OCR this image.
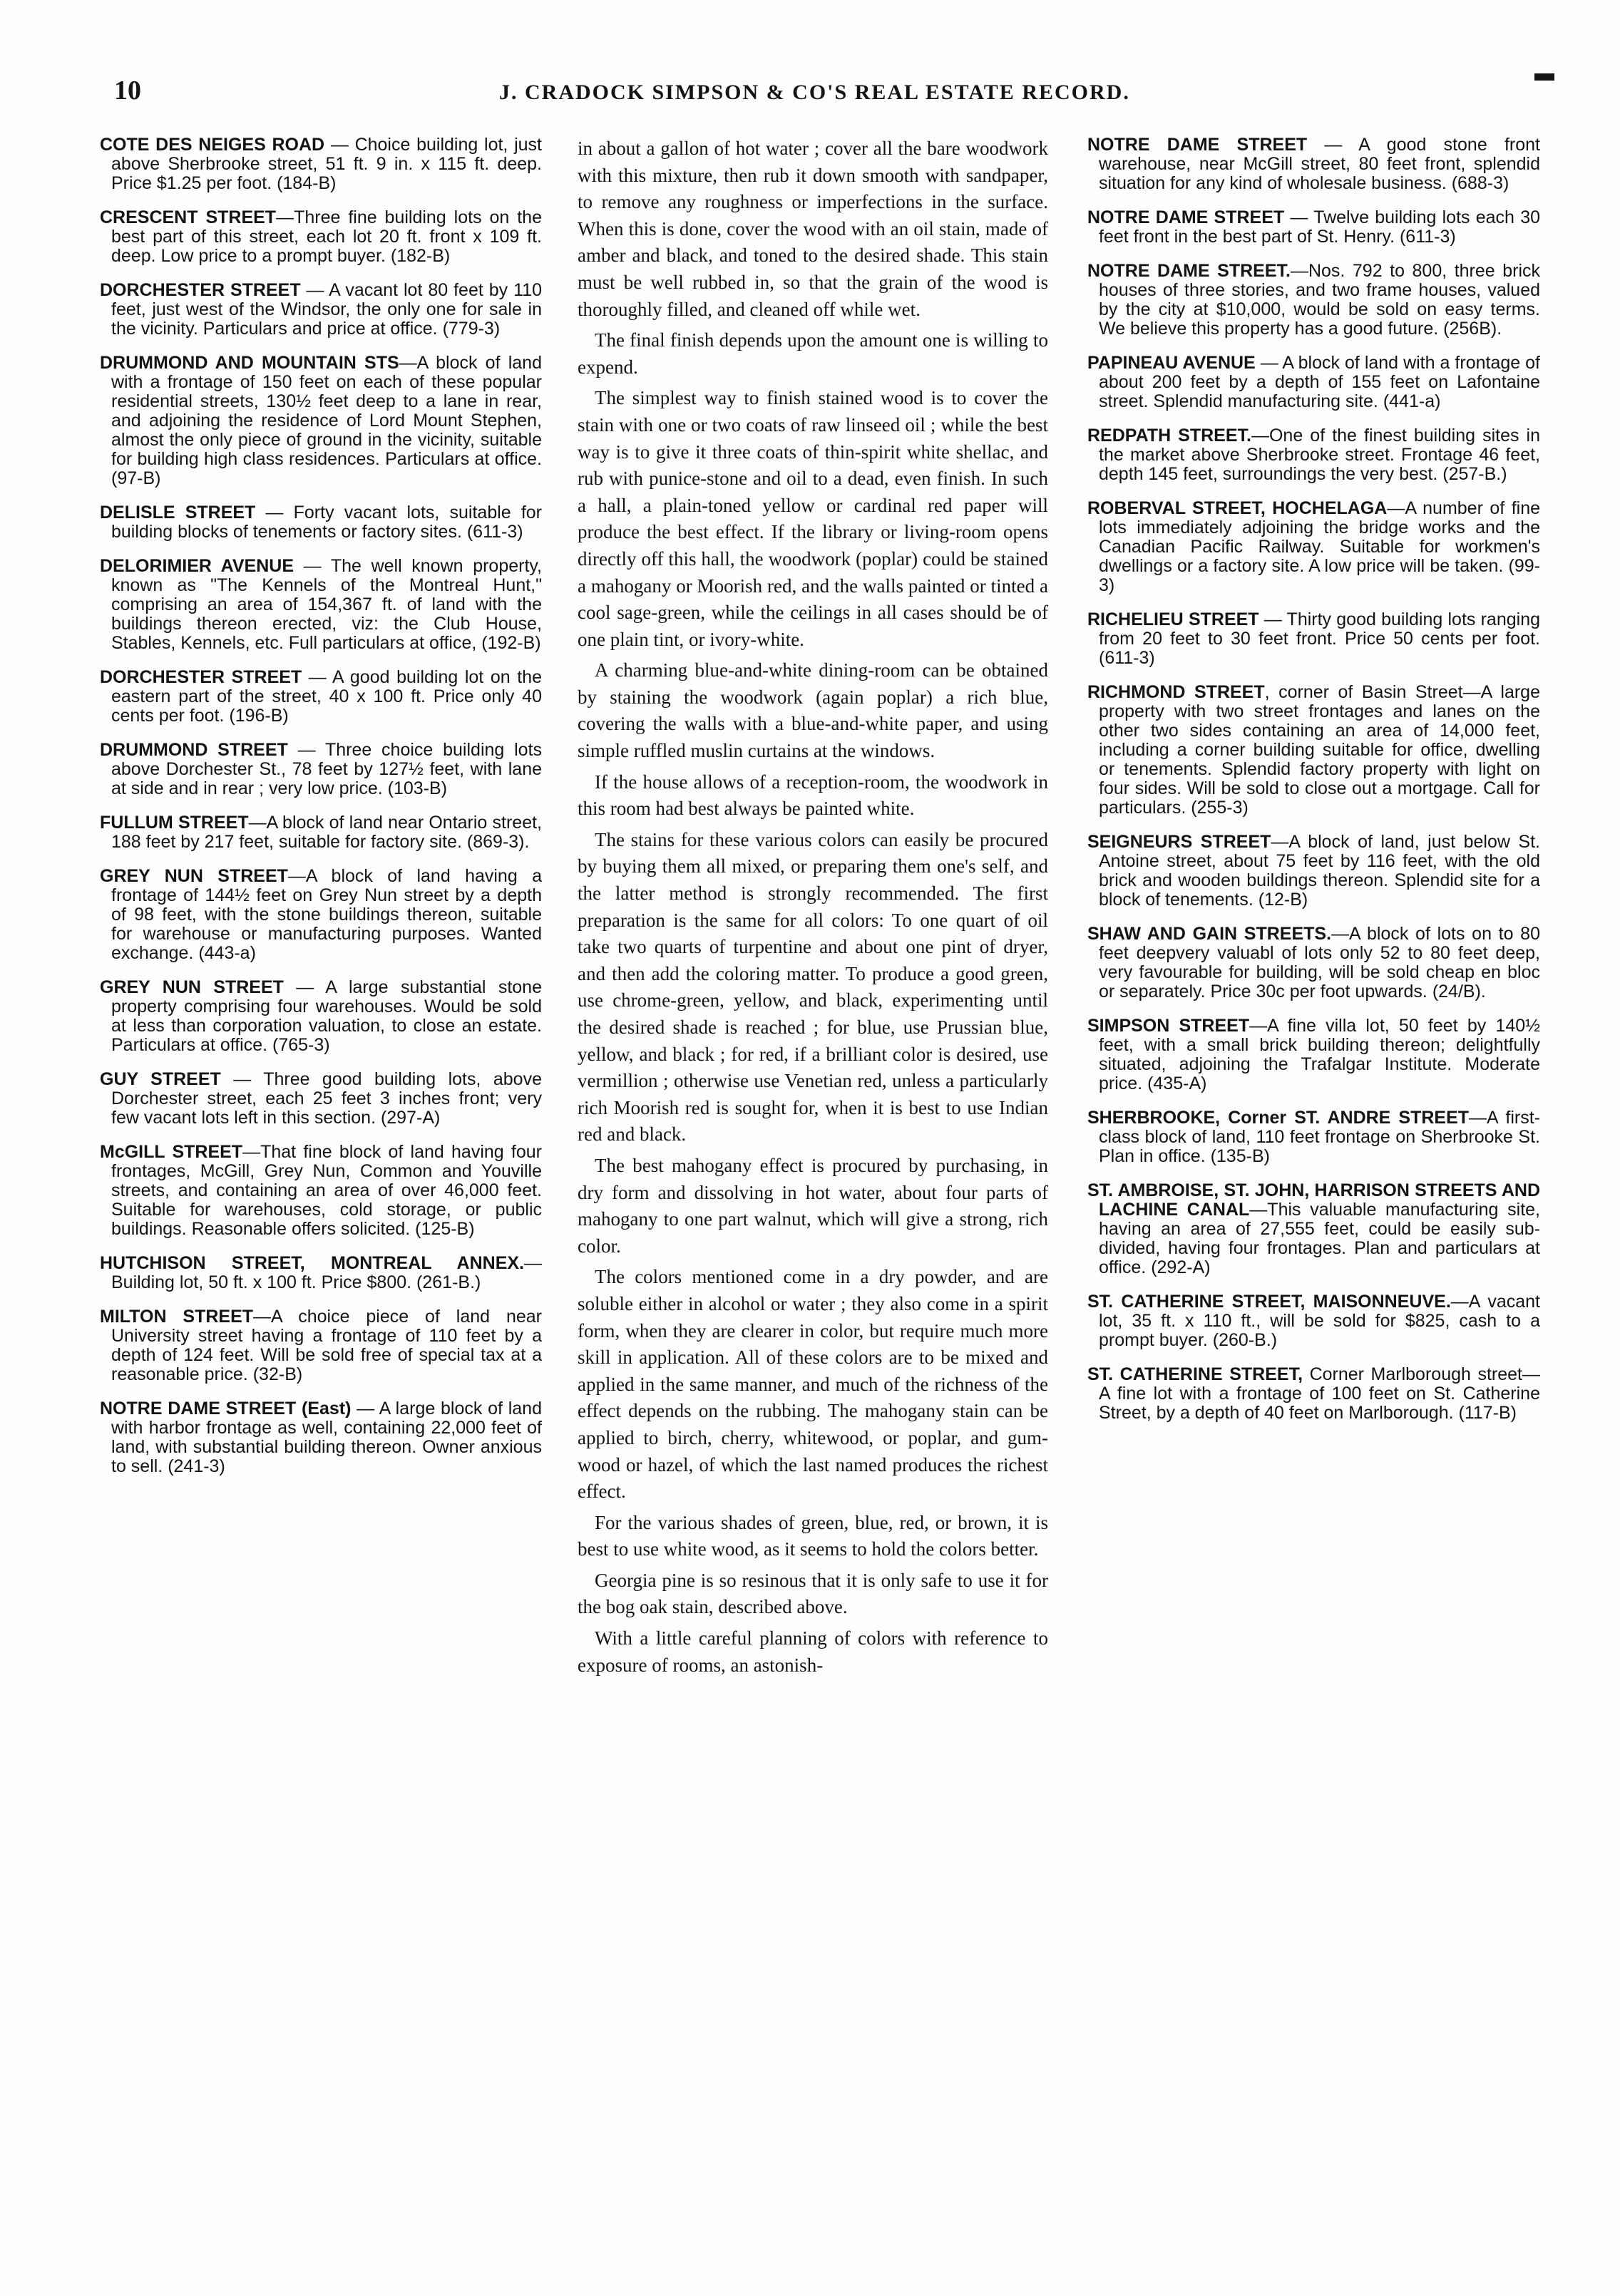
10	J. CRADOCK SIMPSON & CO'S REAL ESTATE RECORD.

COTE DES NEIGES ROAD — Choice building lot, just above Sherbrooke street, 51 ft. 9 in. x 115 ft. deep. Price $1.25 per foot. (184-B)

CRESCENT STREET—Three fine building lots on the best part of this street, each lot 20 ft. front x 109 ft. deep. Low price to a prompt buyer. (182-B)

DORCHESTER STREET — A vacant lot 80 feet by 110 feet, just west of the Windsor, the only one for sale in the vicinity. Particulars and price at office. (779-3)

DRUMMOND AND MOUNTAIN STS—A block of land with a frontage of 150 feet on each of these popular residential streets, 130½ feet deep to a lane in rear, and adjoining the residence of Lord Mount Stephen, almost the only piece of ground in the vicinity, suitable for building high class residences. Particulars at office. (97-B)

DELISLE STREET — Forty vacant lots, suitable for building blocks of tenements or factory sites. (611-3)

DELORIMIER AVENUE — The well known property, known as "The Kennels of the Montreal Hunt," comprising an area of 154,367 ft. of land with the buildings thereon erected, viz: the Club House, Stables, Kennels, etc. Full particulars at office, (192-B)

DORCHESTER STREET — A good building lot on the eastern part of the street, 40 x 100 ft. Price only 40 cents per foot. (196-B)

DRUMMOND STREET — Three choice building lots above Dorchester St., 78 feet by 127½ feet, with lane at side and in rear ; very low price. (103-B)

FULLUM STREET—A block of land near Ontario street, 188 feet by 217 feet, suitable for factory site. (869-3).

GREY NUN STREET—A block of land having a frontage of 144½ feet on Grey Nun street by a depth of 98 feet, with the stone buildings thereon, suitable for warehouse or manufacturing purposes. Wanted exchange. (443-a)

GREY NUN STREET — A large substantial stone property comprising four warehouses. Would be sold at less than corporation valuation, to close an estate. Particulars at office. (765-3)

GUY STREET — Three good building lots, above Dorchester street, each 25 feet 3 inches front; very few vacant lots left in this section. (297-A)

McGILL STREET—That fine block of land having four frontages, McGill, Grey Nun, Common and Youville streets, and containing an area of over 46,000 feet. Suitable for warehouses, cold storage, or public buildings. Reasonable offers solicited. (125-B)

HUTCHISON STREET, MONTREAL ANNEX.—Building lot, 50 ft. x 100 ft. Price $800. (261-B.)

MILTON STREET—A choice piece of land near University street having a frontage of 110 feet by a depth of 124 feet. Will be sold free of special tax at a reasonable price. (32-B)

NOTRE DAME STREET (East) — A large block of land with harbor frontage as well, containing 22,000 feet of land, with substantial building thereon. Owner anxious to sell. (241-3)

in about a gallon of hot water ; cover all the bare woodwork with this mixture, then rub it down smooth with sandpaper, to remove any roughness or imperfections in the surface. When this is done, cover the wood with an oil stain, made of amber and black, and toned to the desired shade. This stain must be well rubbed in, so that the grain of the wood is thoroughly filled, and cleaned off while wet.

The final finish depends upon the amount one is willing to expend.

The simplest way to finish stained wood is to cover the stain with one or two coats of raw linseed oil ; while the best way is to give it three coats of thin-spirit white shellac, and rub with punice-stone and oil to a dead, even finish. In such a hall, a plain-toned yellow or cardinal red paper will produce the best effect. If the library or living-room opens directly off this hall, the woodwork (poplar) could be stained a mahogany or Moorish red, and the walls painted or tinted a cool sage-green, while the ceilings in all cases should be of one plain tint, or ivory-white.

A charming blue-and-white dining-room can be obtained by staining the woodwork (again poplar) a rich blue, covering the walls with a blue-and-white paper, and using simple ruffled muslin curtains at the windows.

If the house allows of a reception-room, the woodwork in this room had best always be painted white.

The stains for these various colors can easily be procured by buying them all mixed, or preparing them one's self, and the latter method is strongly recommended. The first preparation is the same for all colors: To one quart of oil take two quarts of turpentine and about one pint of dryer, and then add the coloring matter. To produce a good green, use chrome-green, yellow, and black, experimenting until the desired shade is reached ; for blue, use Prussian blue, yellow, and black ; for red, if a brilliant color is desired, use vermillion ; otherwise use Venetian red, unless a particularly rich Moorish red is sought for, when it is best to use Indian red and black.

The best mahogany effect is procured by purchasing, in dry form and dissolving in hot water, about four parts of mahogany to one part walnut, which will give a strong, rich color.

The colors mentioned come in a dry powder, and are soluble either in alcohol or water ; they also come in a spirit form, when they are clearer in color, but require much more skill in application. All of these colors are to be mixed and applied in the same manner, and much of the richness of the effect depends on the rubbing. The mahogany stain can be applied to birch, cherry, whitewood, or poplar, and gum-wood or hazel, of which the last named produces the richest effect.

For the various shades of green, blue, red, or brown, it is best to use white wood, as it seems to hold the colors better.

Georgia pine is so resinous that it is only safe to use it for the bog oak stain, described above.

With a little careful planning of colors with reference to exposure of rooms, an astonish-

NOTRE DAME STREET — A good stone front warehouse, near McGill street, 80 feet front, splendid situation for any kind of wholesale business. (688-3)

NOTRE DAME STREET — Twelve building lots each 30 feet front in the best part of St. Henry. (611-3)

NOTRE DAME STREET.—Nos. 792 to 800, three brick houses of three stories, and two frame houses, valued by the city at $10,000, would be sold on easy terms. We believe this property has a good future. (256B).

PAPINEAU AVENUE — A block of land with a frontage of about 200 feet by a depth of 155 feet on Lafontaine street. Splendid manufacturing site. (441-a)

REDPATH STREET.—One of the finest building sites in the market above Sherbrooke street. Frontage 46 feet, depth 145 feet, surroundings the very best. (257-B.)

ROBERVAL STREET, HOCHELAGA—A number of fine lots immediately adjoining the bridge works and the Canadian Pacific Railway. Suitable for workmen's dwellings or a factory site. A low price will be taken. (99-3)

RICHELIEU STREET — Thirty good building lots ranging from 20 feet to 30 feet front. Price 50 cents per foot. (611-3)

RICHMOND STREET, corner of Basin Street—A large property with two street frontages and lanes on the other two sides containing an area of 14,000 feet, including a corner building suitable for office, dwelling or tenements. Splendid factory property with light on four sides. Will be sold to close out a mortgage. Call for particulars. (255-3)

SEIGNEURS STREET—A block of land, just below St. Antoine street, about 75 feet by 116 feet, with the old brick and wooden buildings thereon. Splendid site for a block of tenements. (12-B)

SHAW AND GAIN STREETS.—A block of lots on to 80 feet deepvery valuabl of lots only 52 to 80 feet deep, very favourable for building, will be sold cheap en bloc or separately. Price 30c per foot upwards. (24/B).

SIMPSON STREET—A fine villa lot, 50 feet by 140½ feet, with a small brick building thereon; delightfully situated, adjoining the Trafalgar Institute. Moderate price. (435-A)

SHERBROOKE, Corner ST. ANDRE STREET—A first-class block of land, 110 feet frontage on Sherbrooke St. Plan in office. (135-B)

ST. AMBROISE, ST. JOHN, HARRISON STREETS AND LACHINE CANAL—This valuable manufacturing site, having an area of 27,555 feet, could be easily sub-divided, having four frontages. Plan and particulars at office. (292-A)

ST. CATHERINE STREET, MAISONNEUVE.—A vacant lot, 35 ft. x 110 ft., will be sold for $825, cash to a prompt buyer. (260-B.)

ST. CATHERINE STREET, Corner Marlborough street—A fine lot with a frontage of 100 feet on St. Catherine Street, by a depth of 40 feet on Marlborough. (117-B)
